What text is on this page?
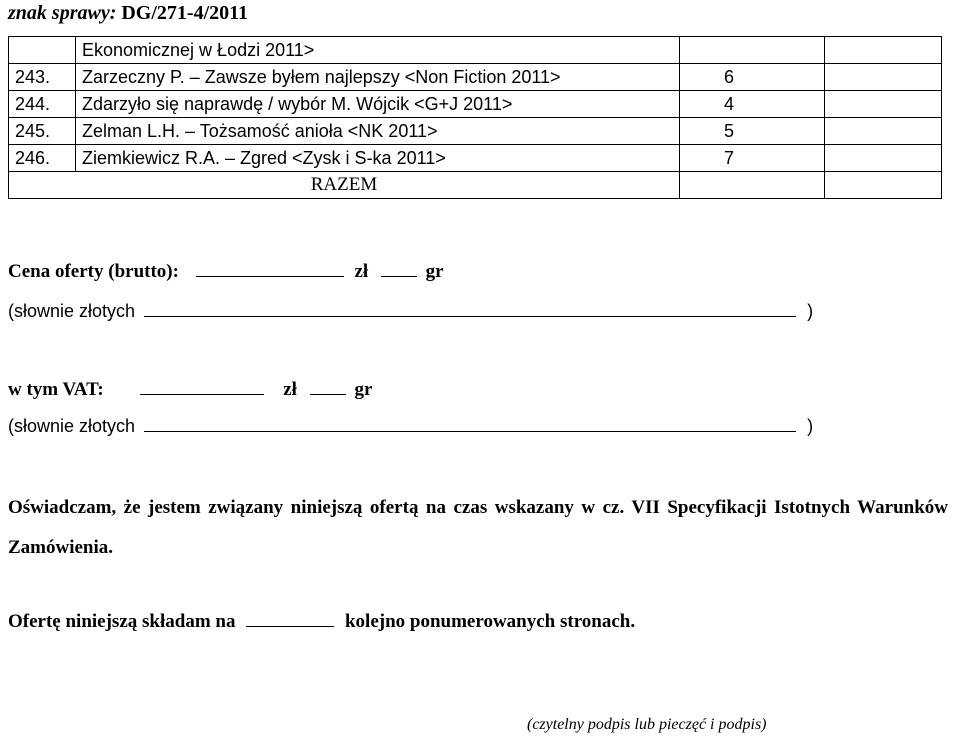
znak sprawy: DG/271-4/2011
	Ekonomicznej w Łodzi 2011>		
243.	Zarzeczny P. – Zawsze byłem najlepszy <Non Fiction 2011>	6	
244.	Zdarzyło się naprawdę / wybór M. Wójcik <G+J 2011>	4	
245.	Zelman L.H. – Tożsamość anioła <NK 2011>	5	
246.	Ziemkiewicz R.A. – Zgred <Zysk i S-ka 2011>	7	
RAZEM			
Cena oferty (brutto):	zł	gr
(słownie złotych	)
w tym VAT:	zł	gr
(słownie złotych	)
Oświadczam, że jestem związany niniejszą ofertą na czas wskazany w cz. VII Specyfikacji Istotnych Warunków Zamówienia.
Ofertę niniejszą składam na	kolejno ponumerowanych stronach.
(czytelny podpis lub pieczęć i podpis)
